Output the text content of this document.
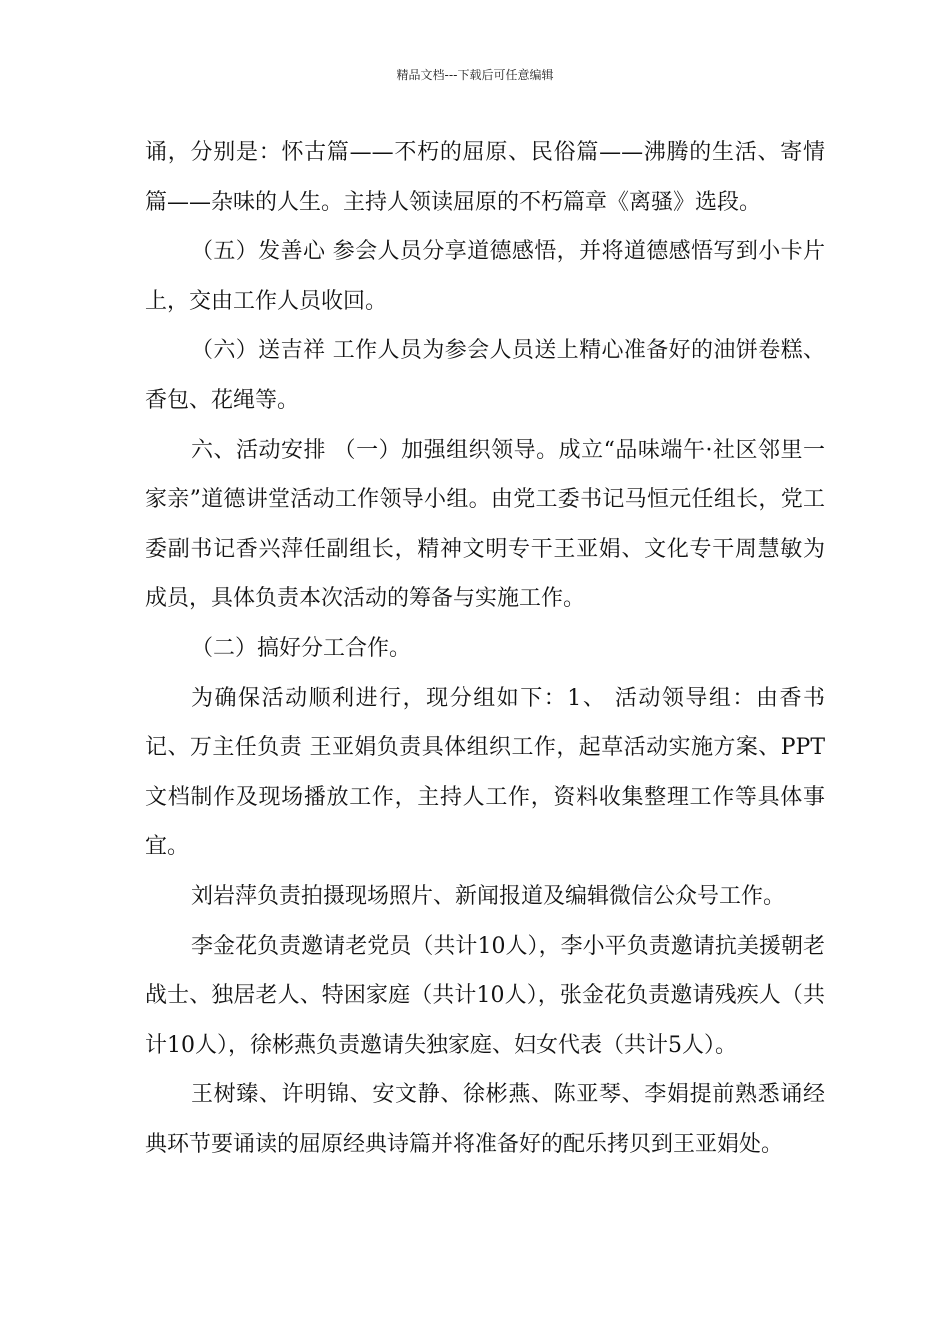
精品文档---下载后可任意编辑

诵，分别是：怀古篇——不朽的屈原、民俗篇——沸腾的生活、寄情篇——杂味的人生。主持人领读屈原的不朽篇章《离骚》选段。

（五）发善心 参会人员分享道德感悟，并将道德感悟写到小卡片上，交由工作人员收回。

（六）送吉祥 工作人员为参会人员送上精心准备好的油饼卷糕、香包、花绳等。

六、活动安排 （一）加强组织领导。成立“品味端午·社区邻里一家亲”道德讲堂活动工作领导小组。由党工委书记马恒元任组长，党工委副书记香兴萍任副组长，精神文明专干王亚娟、文化专干周慧敏为成员，具体负责本次活动的筹备与实施工作。

（二）搞好分工合作。

为确保活动顺利进行，现分组如下：1、 活动领导组：由香书记、万主任负责 王亚娟负责具体组织工作，起草活动实施方案、PPT文档制作及现场播放工作，主持人工作，资料收集整理工作等具体事宜。

刘岩萍负责拍摄现场照片、新闻报道及编辑微信公众号工作。

李金花负责邀请老党员（共计10人），李小平负责邀请抗美援朝老战士、独居老人、特困家庭（共计10人），张金花负责邀请残疾人（共计10人），徐彬燕负责邀请失独家庭、妇女代表（共计5人）。

王树臻、许明锦、安文静、徐彬燕、陈亚琴、李娟提前熟悉诵经典环节要诵读的屈原经典诗篇并将准备好的配乐拷贝到王亚娟处。
